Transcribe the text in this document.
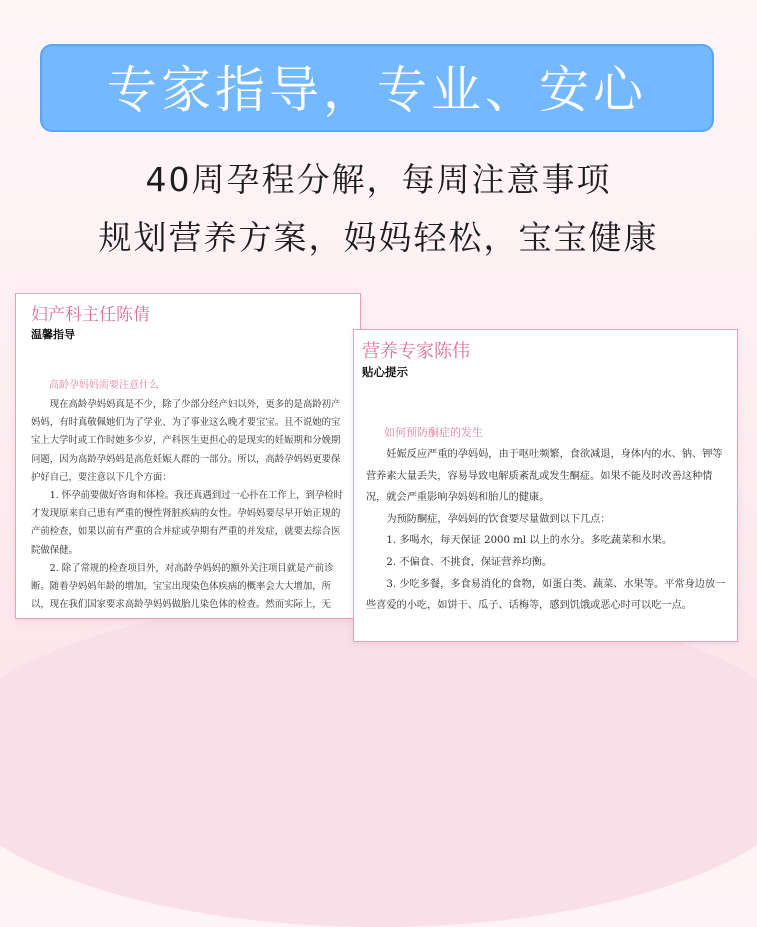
专家指导，专业、安心
40周孕程分解，每周注意事项
规划营养方案，妈妈轻松，宝宝健康
妇产科主任陈倩
温馨指导
高龄孕妈妈需要注意什么

现在高龄孕妈妈真是不少，除了少部分经产妇以外，更多的是高龄初产妈妈，有时真敬佩她们为了学业、为了事业这么晚才要宝宝。且不说她的宝宝上大学时或工作时她多少岁，产科医生更担心的是现实的妊娠期和分娩期问题，因为高龄孕妈妈是高危妊娠人群的一部分。所以，高龄孕妈妈更要保护好自己，要注意以下几个方面：

1. 怀孕前要做好咨询和体检。我还真遇到过一心扑在工作上，到孕检时才发现原来自己患有严重的慢性肾脏疾病的女性。孕妈妈要尽早开始正规的产前检查，如果以前有严重的合并症或孕期有严重的并发症，就要去综合医院做保健。

2. 除了常规的检查项目外，对高龄孕妈妈的额外关注项目就是产前诊断。随着孕妈妈年龄的增加，宝宝出现染色体疾病的概率会大大增加，所以，现在我们国家要求高龄孕妈妈做胎儿染色体的检查。然而实际上，无

营养专家陈伟
贴心提示
如何预防酮症的发生

妊娠反应严重的孕妈妈，由于呕吐频繁，食欲减退，身体内的水、钠、钾等营养素大量丢失，容易导致电解质紊乱或发生酮症。如果不能及时改善这种情况，就会严重影响孕妈妈和胎儿的健康。

为预防酮症，孕妈妈的饮食要尽量做到以下几点：

1. 多喝水，每天保证 2000 ml 以上的水分。多吃蔬菜和水果。

2. 不偏食、不挑食，保证营养均衡。

3. 少吃多餐，多食易消化的食物，如蛋白类、蔬菜、水果等。平常身边放一些喜爱的小吃，如饼干、瓜子、话梅等，感到饥饿或恶心时可以吃一点。
